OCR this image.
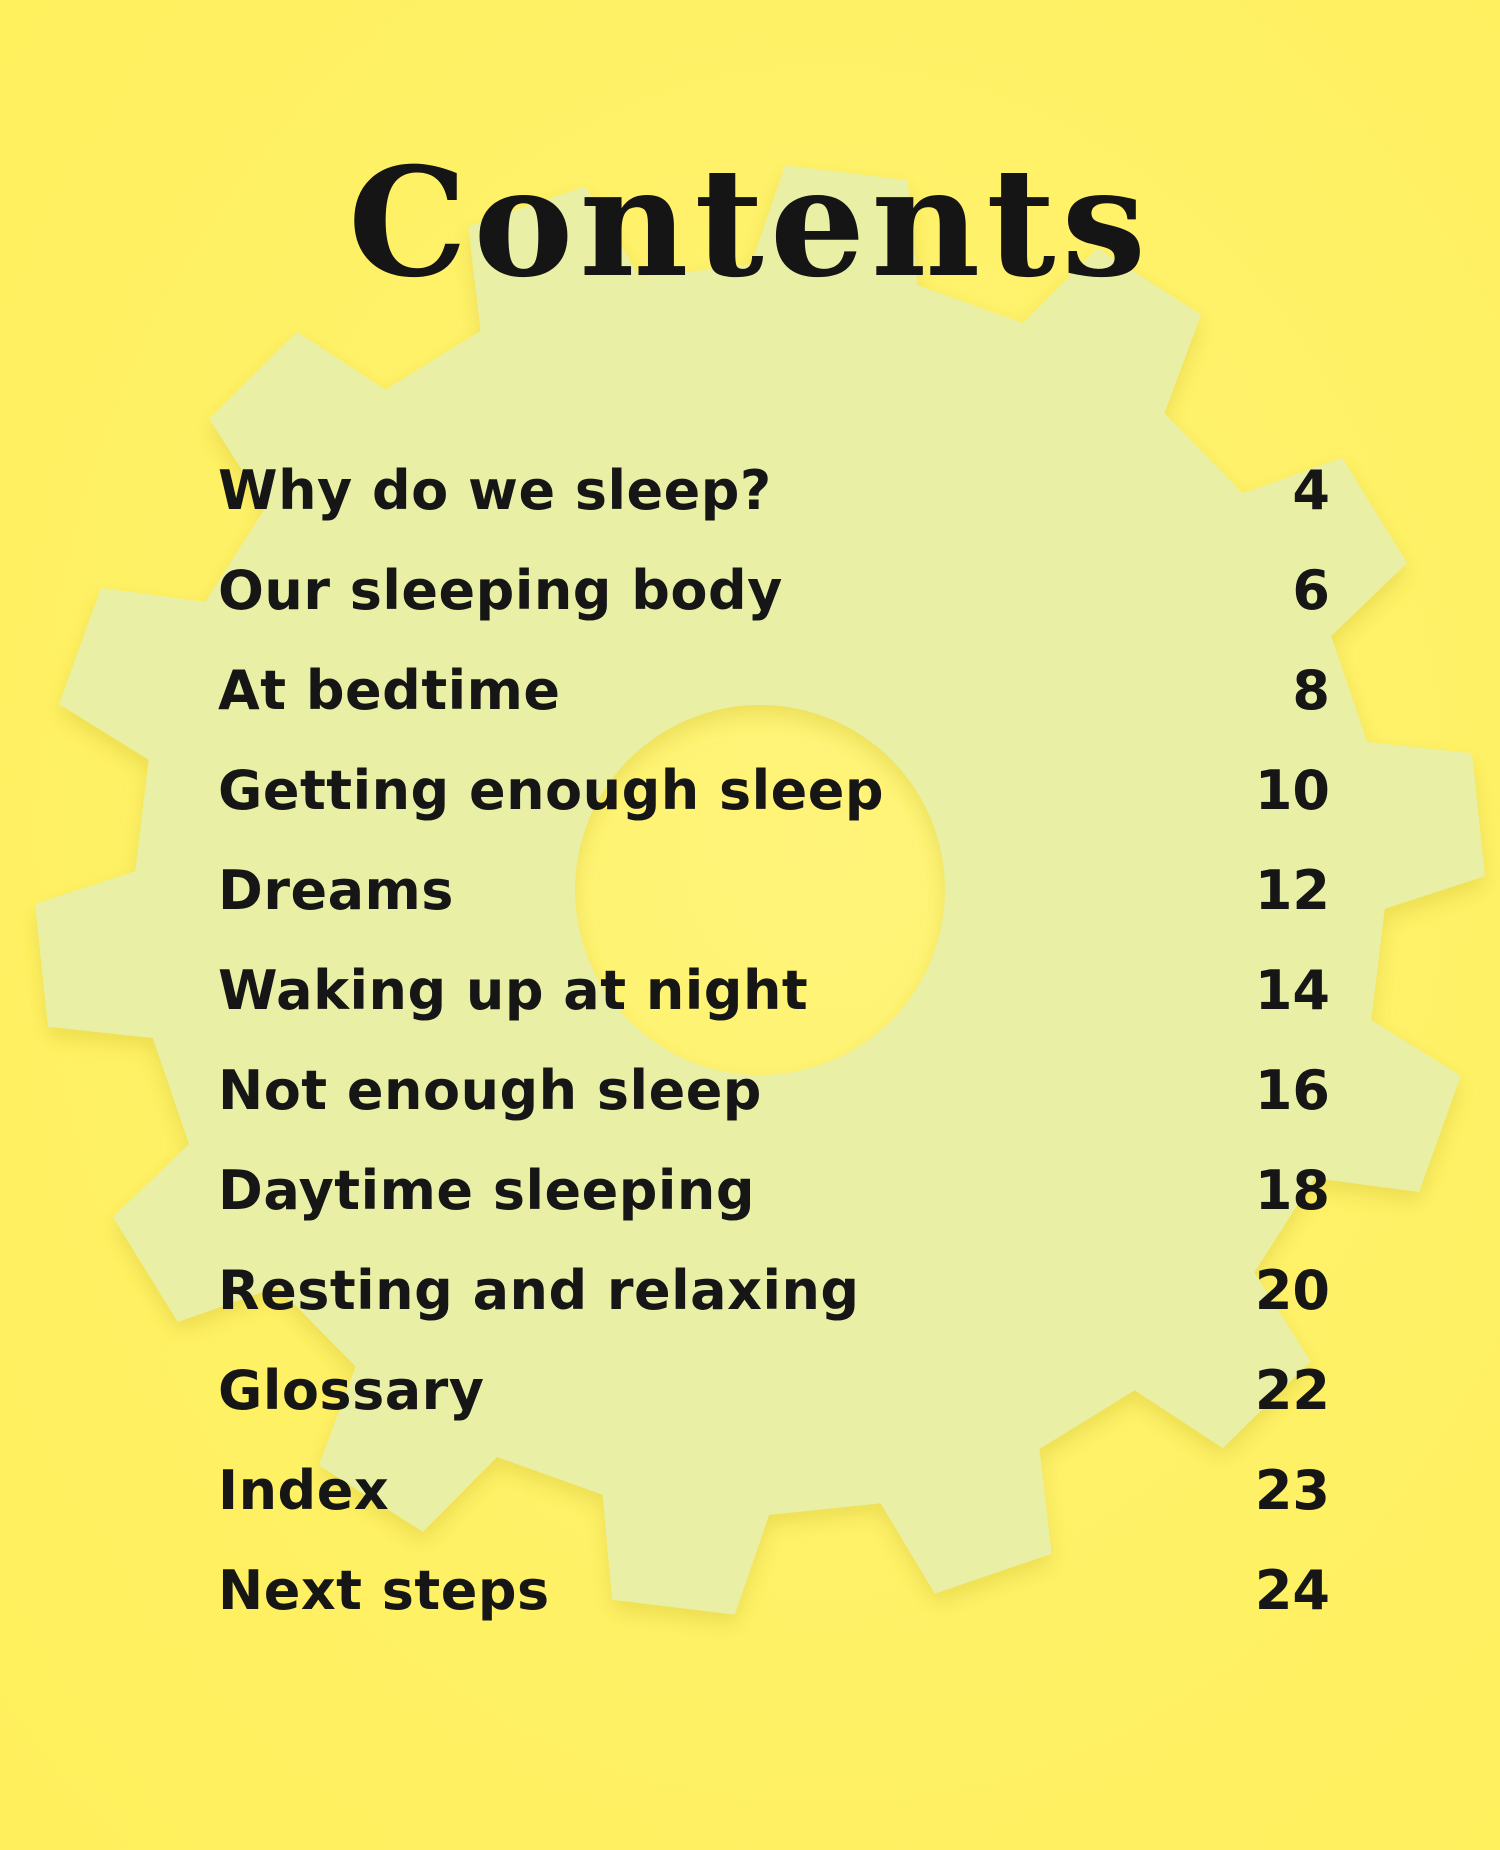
Contents
Why do we sleep?	4
Our sleeping body	6
At bedtime	8
Getting enough sleep	10
Dreams	12
Waking up at night	14
Not enough sleep	16
Daytime sleeping	18
Resting and relaxing	20
Glossary	22
Index	23
Next steps	24
